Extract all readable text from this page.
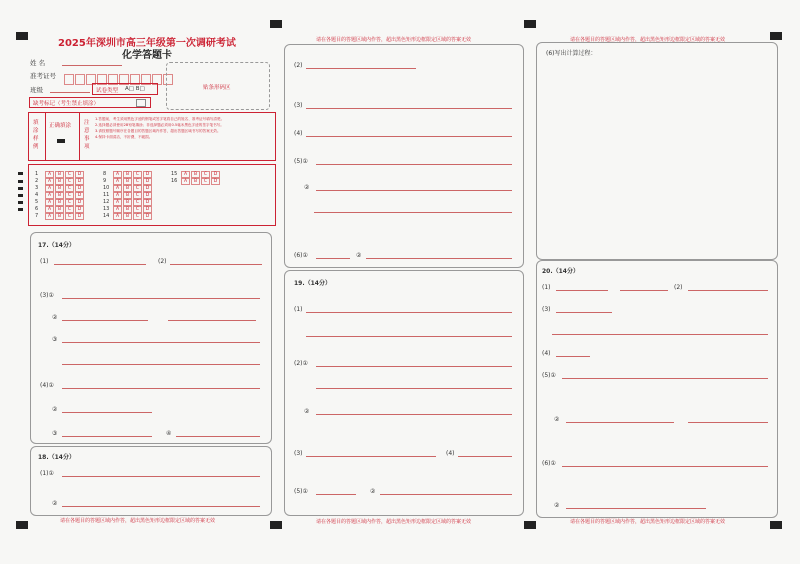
2025年深圳市高三年级第一次调研考试
化学答题卡
姓 名
准考证号
班级	试卷类型 A□ B□
缺考标记（考生禁止填涂）
贴条形码区
填涂样例
正确填涂 注意事项
1.答题前，考生须用黑色字迹的钢笔或签字笔将自己的姓名、准考证号填写清楚。
2.选择题必须使用2B铅笔填涂；非选择题必须用0.5毫米黑色字迹的签字笔书写。
3.请按照题号顺序在各题目的答题区域内作答，超出答题区域书写的答案无效。
4.保持卡面清洁，不折叠，不破损。
1 A B C D
2 A B C D
3 A B C D
4 A B C D
5 A B C D
6 A B C D
7 A B C D
8 A B C D
9 A B C D
10 A B C D
11 A B C D
12 A B C D
13 A B C D
14 A B C D
15 A B C D
16 A B C D
17.（14分）
(1)	(2)
(3)①
②
③
(4)①
②
③	④
18.（14分）
(1)①
②
请在各题目的答题区域内作答，超出黑色矩形边框限定区域的答案无效
请在各题目的答题区域内作答，超出黑色矩形边框限定区域的答案无效
(2)
(3)
(4)
(5)①
②
(6)①	②
19.（14分）
(1)
(2)①
②
(3)	(4)
(5)①	②
请在各题目的答题区域内作答，超出黑色矩形边框限定区域的答案无效
请在各题目的答题区域内作答，超出黑色矩形边框限定区域的答案无效
(6)写出计算过程：
20.（14分）
(1)	(2)
(3)
(4)
(5)①
②
(6)①
②
请在各题目的答题区域内作答，超出黑色矩形边框限定区域的答案无效
